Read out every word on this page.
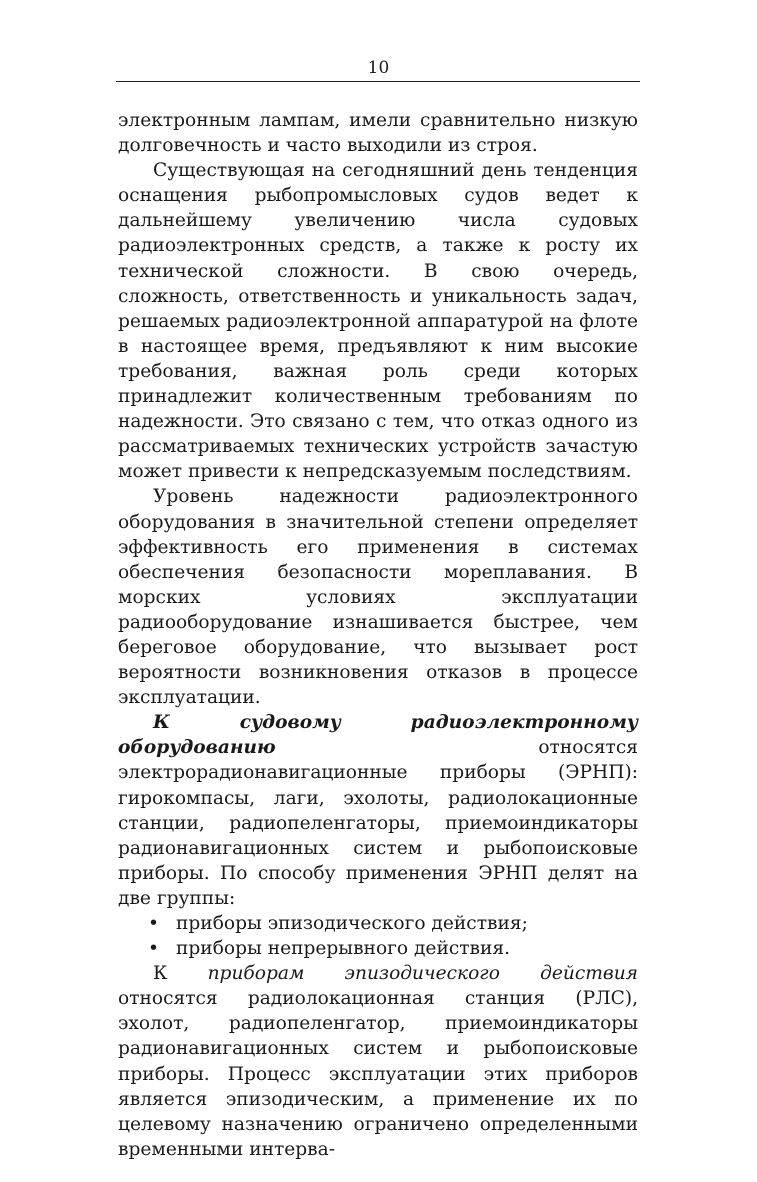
10

электронным лампам, имели сравнительно низкую долговечность и часто выходили из строя.

Существующая на сегодняшний день тенденция оснащения рыбопромысловых судов ведет к дальнейшему увеличению числа судовых радиоэлектронных средств, а также к росту их технической сложности. В свою очередь, сложность, ответственность и уникальность задач, решаемых радиоэлектронной аппаратурой на флоте в настоящее время, предъявляют к ним высокие требования, важная роль среди которых принадлежит количественным требованиям по надежности. Это связано с тем, что отказ одного из рассматриваемых технических устройств зачастую может привести к непредсказуемым последствиям.

Уровень надежности радиоэлектронного оборудования в значительной степени определяет эффективность его применения в системах обеспечения безопасности мореплавания. В морских условиях эксплуатации радиооборудование изнашивается быстрее, чем береговое оборудование, что вызывает рост вероятности возникновения отказов в процессе эксплуатации.

К судовому радиоэлектронному оборудованию	относятся электрорадионавигационные приборы (ЭРНП): гирокомпасы, лаги, эхолоты, радиолокационные станции, радиопеленгаторы, приемоиндикаторы радионавигационных систем и рыбопоисковые приборы. По способу применения ЭРНП делят на две группы:

• приборы эпизодического действия;
• приборы непрерывного действия.

К приборам эпизодического действия относятся радиолокационная станция (РЛС), эхолот, радиопеленгатор, приемоиндикаторы радионавигационных систем и рыбопоисковые приборы. Процесс эксплуатации этих приборов является эпизодическим, а применение их по целевому назначению ограничено определенными временными интерва-
